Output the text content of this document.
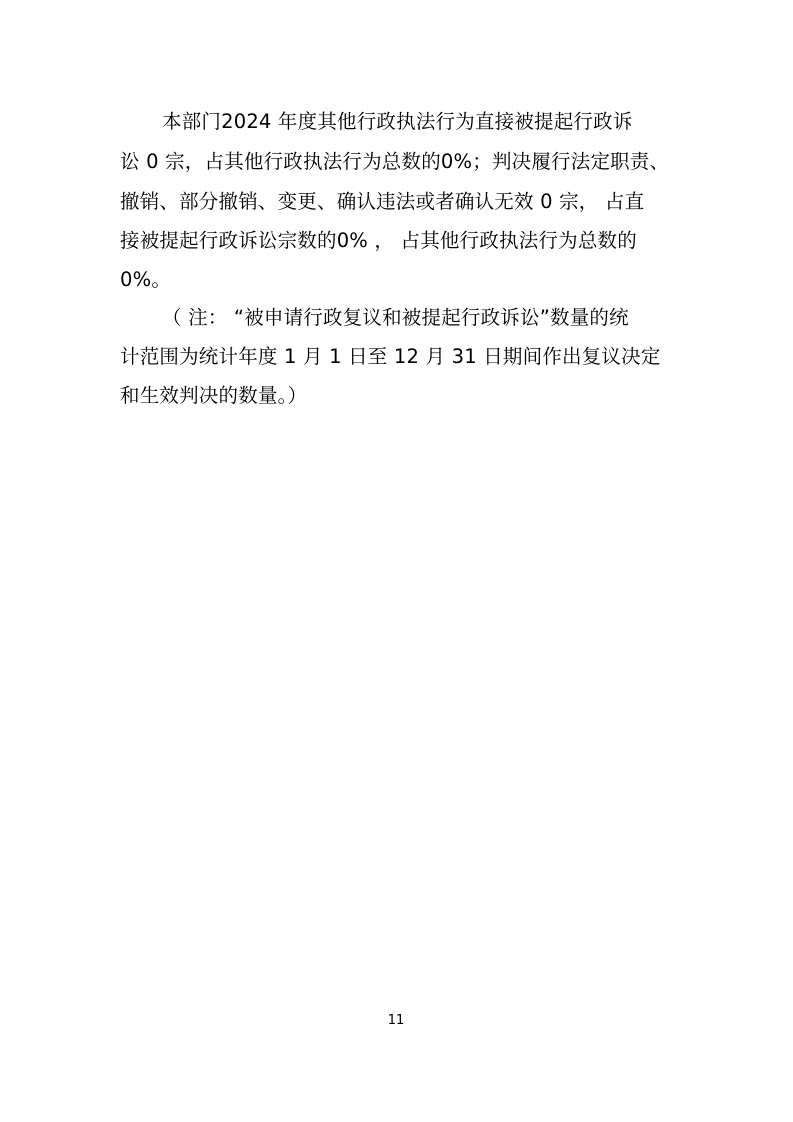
本部门2024 年度其他行政执法行为直接被提起行政诉
讼 0 宗，占其他行政执法行为总数的0%；判决履行法定职责、
撤销、部分撤销、变更、确认违法或者确认无效 0 宗， 占直
接被提起行政诉讼宗数的0% ， 占其他行政执法行为总数的
0%。
（ 注： “被申请行政复议和被提起行政诉讼”数量的统
计范围为统计年度 1 月 1 日至 12 月 31 日期间作出复议决定
和生效判决的数量。）
11
